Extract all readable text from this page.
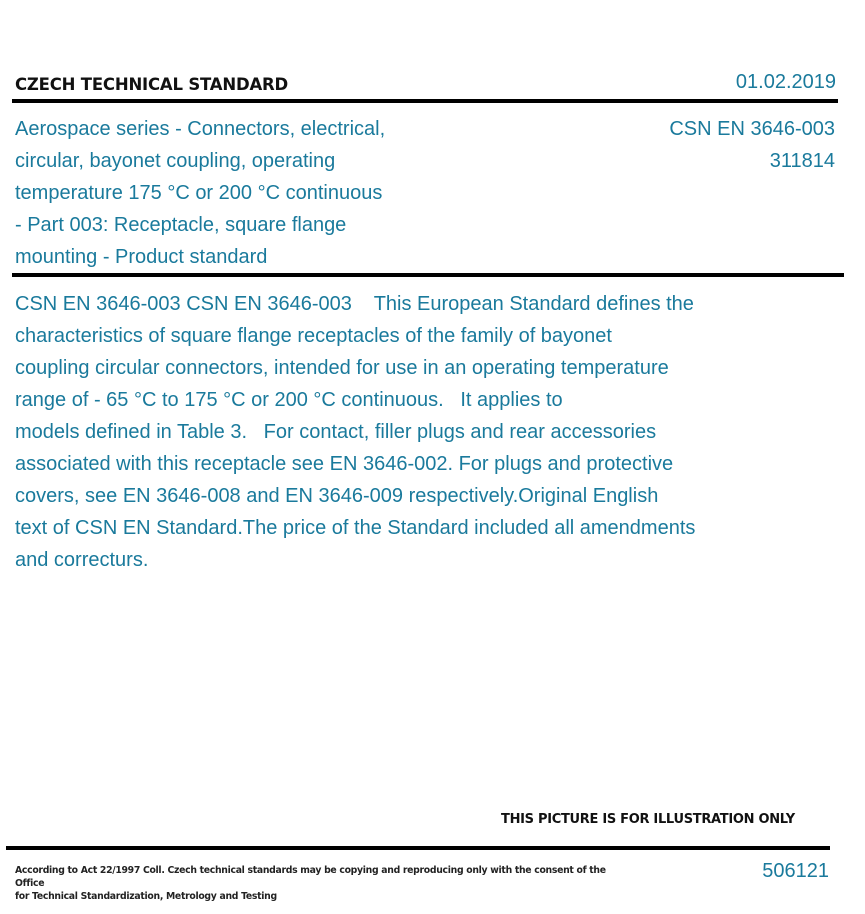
CZECH TECHNICAL STANDARD	01.02.2019
Aerospace series - Connectors, electrical,
circular, bayonet coupling, operating
temperature 175 °C or 200 °C continuous
- Part 003: Receptacle, square flange
mounting - Product standard
CSN EN 3646-003
311814
CSN EN 3646-003 CSN EN 3646-003    This European Standard defines the
characteristics of square flange receptacles of the family of bayonet
coupling circular connectors, intended for use in an operating temperature
range of - 65 °C to 175 °C or 200 °C continuous.   It applies to
models defined in Table 3.   For contact, filler plugs and rear accessories
associated with this receptacle see EN 3646-002. For plugs and protective
covers, see EN 3646-008 and EN 3646-009 respectively.Original English
text of CSN EN Standard.The price of the Standard included all amendments
and correcturs.
THIS PICTURE IS FOR ILLUSTRATION ONLY
According to Act 22/1997 Coll. Czech technical standards may be copying and reproducing only with the consent of the Office
for Technical Standardization, Metrology and Testing
506121
